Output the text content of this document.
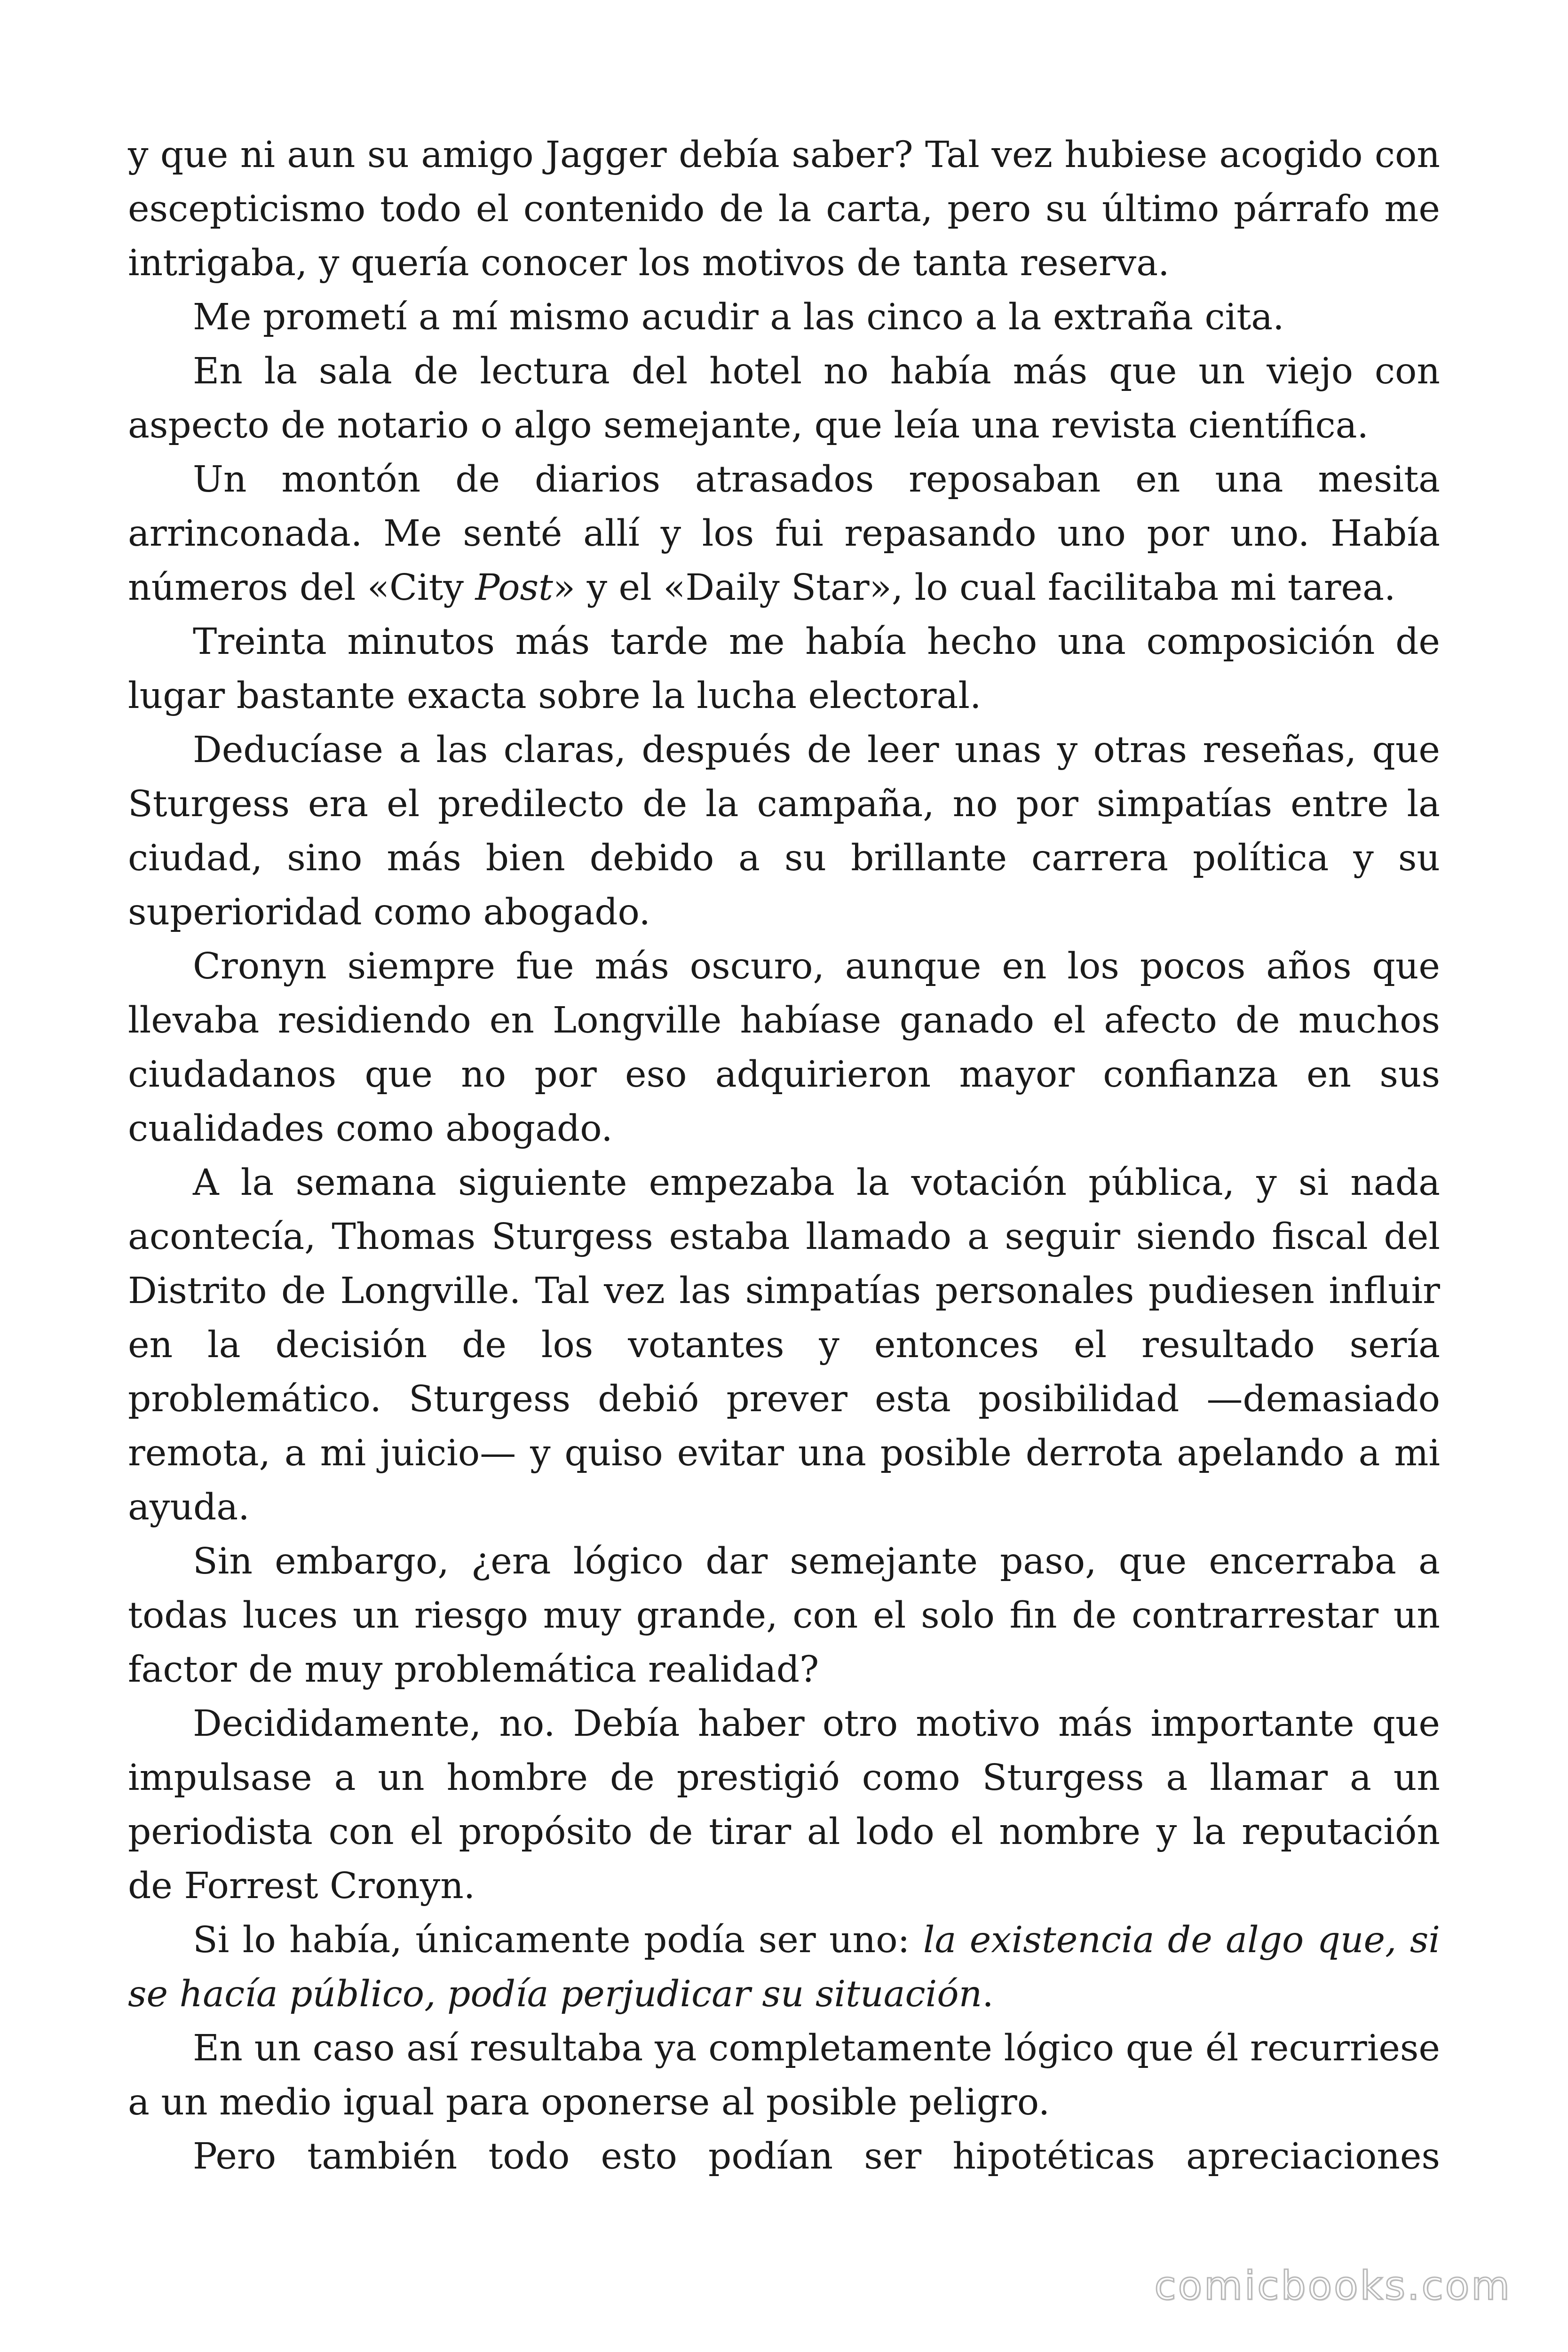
y que ni aun su amigo Jagger debía saber? Tal vez hubiese acogido con escepticismo todo el contenido de la carta, pero su último párrafo me intrigaba, y quería conocer los motivos de tanta reserva.

Me prometí a mí mismo acudir a las cinco a la extraña cita.

En la sala de lectura del hotel no había más que un viejo con aspecto de notario o algo semejante, que leía una revista científica.

Un montón de diarios atrasados reposaban en una mesita arrinconada. Me senté allí y los fui repasando uno por uno. Había números del «City Post» y el «Daily Star», lo cual facilitaba mi tarea.

Treinta minutos más tarde me había hecho una composición de lugar bastante exacta sobre la lucha electoral.

Deducíase a las claras, después de leer unas y otras reseñas, que Sturgess era el predilecto de la campaña, no por simpatías entre la ciudad, sino más bien debido a su brillante carrera política y su superioridad como abogado.

Cronyn siempre fue más oscuro, aunque en los pocos años que llevaba residiendo en Longville habíase ganado el afecto de muchos ciudadanos que no por eso adquirieron mayor confianza en sus cualidades como abogado.

A la semana siguiente empezaba la votación pública, y si nada acontecía, Thomas Sturgess estaba llamado a seguir siendo fiscal del Distrito de Longville. Tal vez las simpatías personales pudiesen influir en la decisión de los votantes y entonces el resultado sería problemático. Sturgess debió prever esta posibilidad —demasiado remota, a mi juicio— y quiso evitar una posible derrota apelando a mi ayuda.

Sin embargo, ¿era lógico dar semejante paso, que encerraba a todas luces un riesgo muy grande, con el solo fin de contrarrestar un factor de muy problemática realidad?

Decididamente, no. Debía haber otro motivo más importante que impulsase a un hombre de prestigió como Sturgess a llamar a un periodista con el propósito de tirar al lodo el nombre y la reputación de Forrest Cronyn.

Si lo había, únicamente podía ser uno: la existencia de algo que, si se hacía público, podía perjudicar su situación.

En un caso así resultaba ya completamente lógico que él recurriese a un medio igual para oponerse al posible peligro.

Pero también todo esto podían ser hipotéticas apreciaciones

comicbooks.com
